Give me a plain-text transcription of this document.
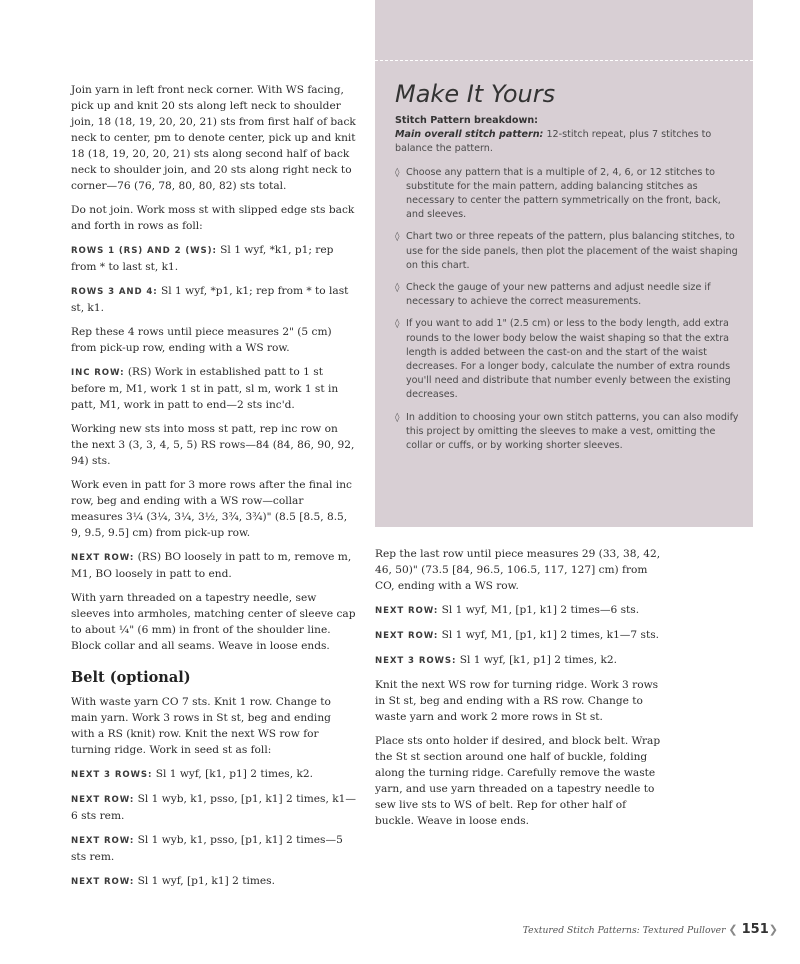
Join yarn in left front neck corner. With WS facing, pick up and knit 20 sts along left neck to shoulder join, 18 (18, 19, 20, 20, 21) sts from first half of back neck to center, pm to denote center, pick up and knit 18 (18, 19, 20, 20, 21) sts along second half of back neck to shoulder join, and 20 sts along right neck to corner—76 (76, 78, 80, 80, 82) sts total.

Do not join. Work moss st with slipped edge sts back and forth in rows as foll:

ROWS 1 (RS) AND 2 (WS): Sl 1 wyf, *k1, p1; rep from * to last st, k1.

ROWS 3 AND 4: Sl 1 wyf, *p1, k1; rep from * to last st, k1.

Rep these 4 rows until piece measures 2" (5 cm) from pick-up row, ending with a WS row.

INC ROW: (RS) Work in established patt to 1 st before m, M1, work 1 st in patt, sl m, work 1 st in patt, M1, work in patt to end—2 sts inc'd.

Working new sts into moss st patt, rep inc row on the next 3 (3, 3, 4, 5, 5) RS rows—84 (84, 86, 90, 92, 94) sts.

Work even in patt for 3 more rows after the final inc row, beg and ending with a WS row—collar measures 3¼ (3¼, 3¼, 3½, 3¾, 3¾)" (8.5 [8.5, 8.5, 9, 9.5, 9.5] cm) from pick-up row.

NEXT ROW: (RS) BO loosely in patt to m, remove m, M1, BO loosely in patt to end.

With yarn threaded on a tapestry needle, sew sleeves into armholes, matching center of sleeve cap to about ¼" (6 mm) in front of the shoulder line. Block collar and all seams. Weave in loose ends.

Belt (optional)

With waste yarn CO 7 sts. Knit 1 row. Change to main yarn. Work 3 rows in St st, beg and ending with a RS (knit) row. Knit the next WS row for turning ridge. Work in seed st as foll:

NEXT 3 ROWS: Sl 1 wyf, [k1, p1] 2 times, k2.

NEXT ROW: Sl 1 wyb, k1, psso, [p1, k1] 2 times, k1—6 sts rem.

NEXT ROW: Sl 1 wyb, k1, psso, [p1, k1] 2 times—5 sts rem.

NEXT ROW: Sl 1 wyf, [p1, k1] 2 times.

Make It Yours

Stitch Pattern breakdown:
Main overall stitch pattern: 12-stitch repeat, plus 7 stitches to balance the pattern.

◊ Choose any pattern that is a multiple of 2, 4, 6, or 12 stitches to substitute for the main pattern, adding balancing stitches as necessary to center the pattern symmetrically on the front, back, and sleeves.
◊ Chart two or three repeats of the pattern, plus balancing stitches, to use for the side panels, then plot the placement of the waist shaping on this chart.
◊ Check the gauge of your new patterns and adjust needle size if necessary to achieve the correct measurements.
◊ If you want to add 1" (2.5 cm) or less to the body length, add extra rounds to the lower body below the waist shaping so that the extra length is added between the cast-on and the start of the waist decreases. For a longer body, calculate the number of extra rounds you'll need and distribute that number evenly between the existing decreases.
◊ In addition to choosing your own stitch patterns, you can also modify this project by omitting the sleeves to make a vest, omitting the collar or cuffs, or by working shorter sleeves.

Rep the last row until piece measures 29 (33, 38, 42, 46, 50)" (73.5 [84, 96.5, 106.5, 117, 127] cm) from CO, ending with a WS row.

NEXT ROW: Sl 1 wyf, M1, [p1, k1] 2 times—6 sts.

NEXT ROW: Sl 1 wyf, M1, [p1, k1] 2 times, k1—7 sts.

NEXT 3 ROWS: Sl 1 wyf, [k1, p1] 2 times, k2.

Knit the next WS row for turning ridge. Work 3 rows in St st, beg and ending with a RS row. Change to waste yarn and work 2 more rows in St st.

Place sts onto holder if desired, and block belt. Wrap the St st section around one half of buckle, folding along the turning ridge. Carefully remove the waste yarn, and use yarn threaded on a tapestry needle to sew live sts to WS of belt. Rep for other half of buckle. Weave in loose ends.

Textured Stitch Patterns: Textured Pullover ❮ 151❯
